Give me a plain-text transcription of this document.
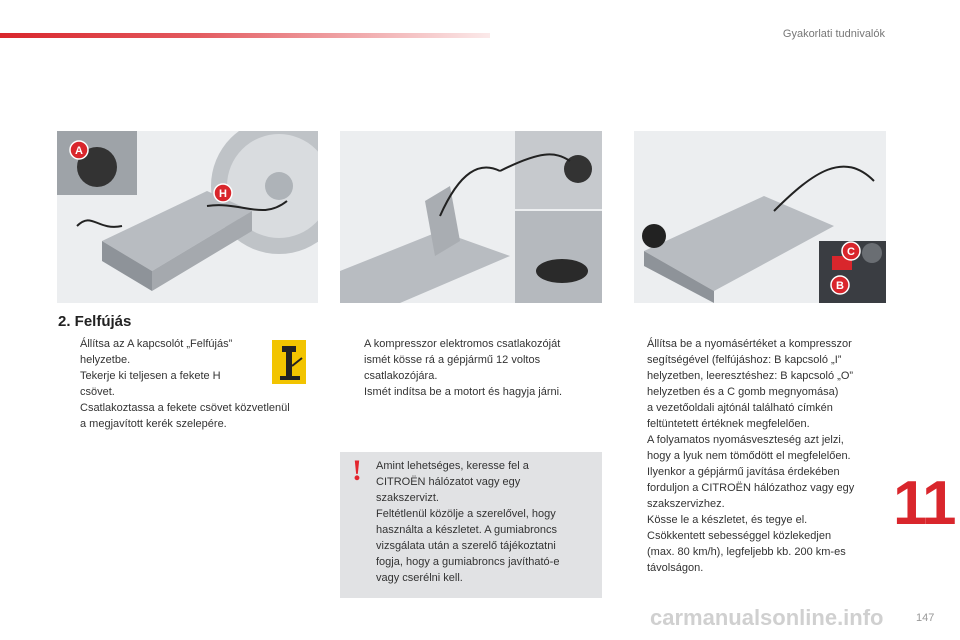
Gyakorlati tudnivalók
A
H
C
B
2. Felfújás
Állítsa az A kapcsolót „Felfújás”
helyzetbe.
Tekerje ki teljesen a fekete H
csövet.
Csatlakoztassa a fekete csövet közvetlenül
a megjavított kerék szelepére.
A kompresszor elektromos csatlakozóját
ismét kösse rá a gépjármű 12 voltos
csatlakozójára.
Ismét indítsa be a motort és hagyja járni.
! Amint lehetséges, keresse fel a
CITROËN hálózatot vagy egy
szakszervizt.
Feltétlenül közölje a szerelővel, hogy
használta a készletet. A gumiabroncs
vizsgálata után a szerelő tájékoztatni
fogja, hogy a gumiabroncs javítható-e
vagy cserélni kell.
Állítsa be a nyomásértéket a kompresszor
segítségével (felfújáshoz: B kapcsoló „I”
helyzetben, leeresztéshez: B kapcsoló „O”
helyzetben és a C gomb megnyomása)
a vezetőoldali ajtónál található címkén
feltüntetett értéknek megfelelően.
A folyamatos nyomásveszteség azt jelzi,
hogy a lyuk nem tömődött el megfelelően.
Ilyenkor a gépjármű javítása érdekében
forduljon a CITROËN hálózathoz vagy egy
szakszervizhez.
Kösse le a készletet, és tegye el.
Csökkentett sebességgel közlekedjen
(max. 80 km/h), legfeljebb kb. 200 km-es
távolságon.
11
carmanualsonline.info	147
